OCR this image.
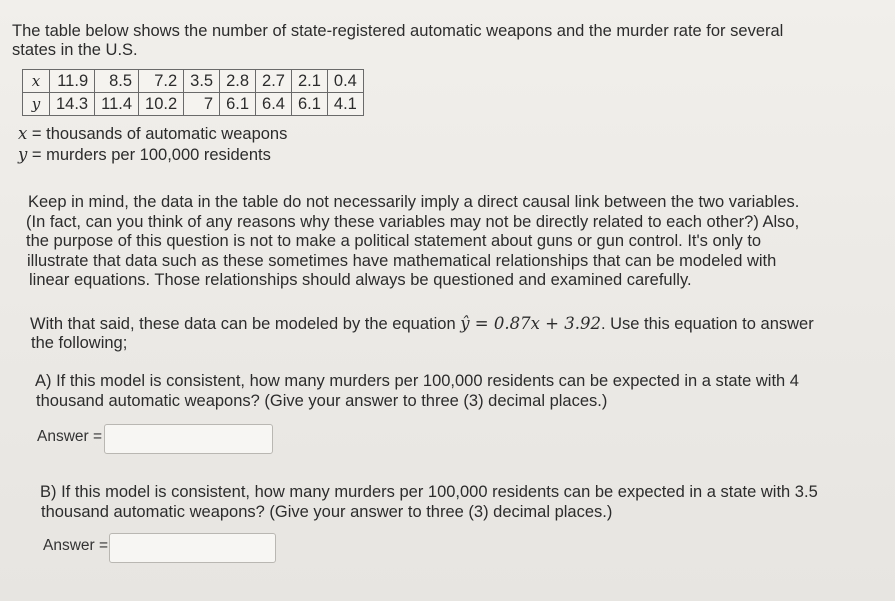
The table below shows the number of state-registered automatic weapons and the murder rate for several
states in the U.S.
x	11.9	8.5	7.2	3.5	2.8	2.7	2.1	0.4
y	14.3	11.4	10.2	7	6.1	6.4	6.1	4.1
x = thousands of automatic weapons
y = murders per 100,000 residents
Keep in mind, the data in the table do not necessarily imply a direct causal link between the two variables.
(In fact, can you think of any reasons why these variables may not be directly related to each other?) Also,
the purpose of this question is not to make a political statement about guns or gun control. It's only to
illustrate that data such as these sometimes have mathematical relationships that can be modeled with
linear equations. Those relationships should always be questioned and examined carefully.
With that said, these data can be modeled by the equation ŷ = 0.87x + 3.92. Use this equation to answer
the following;
A) If this model is consistent, how many murders per 100,000 residents can be expected in a state with 4
thousand automatic weapons? (Give your answer to three (3) decimal places.)
Answer =
B) If this model is consistent, how many murders per 100,000 residents can be expected in a state with 3.5
thousand automatic weapons? (Give your answer to three (3) decimal places.)
Answer =
